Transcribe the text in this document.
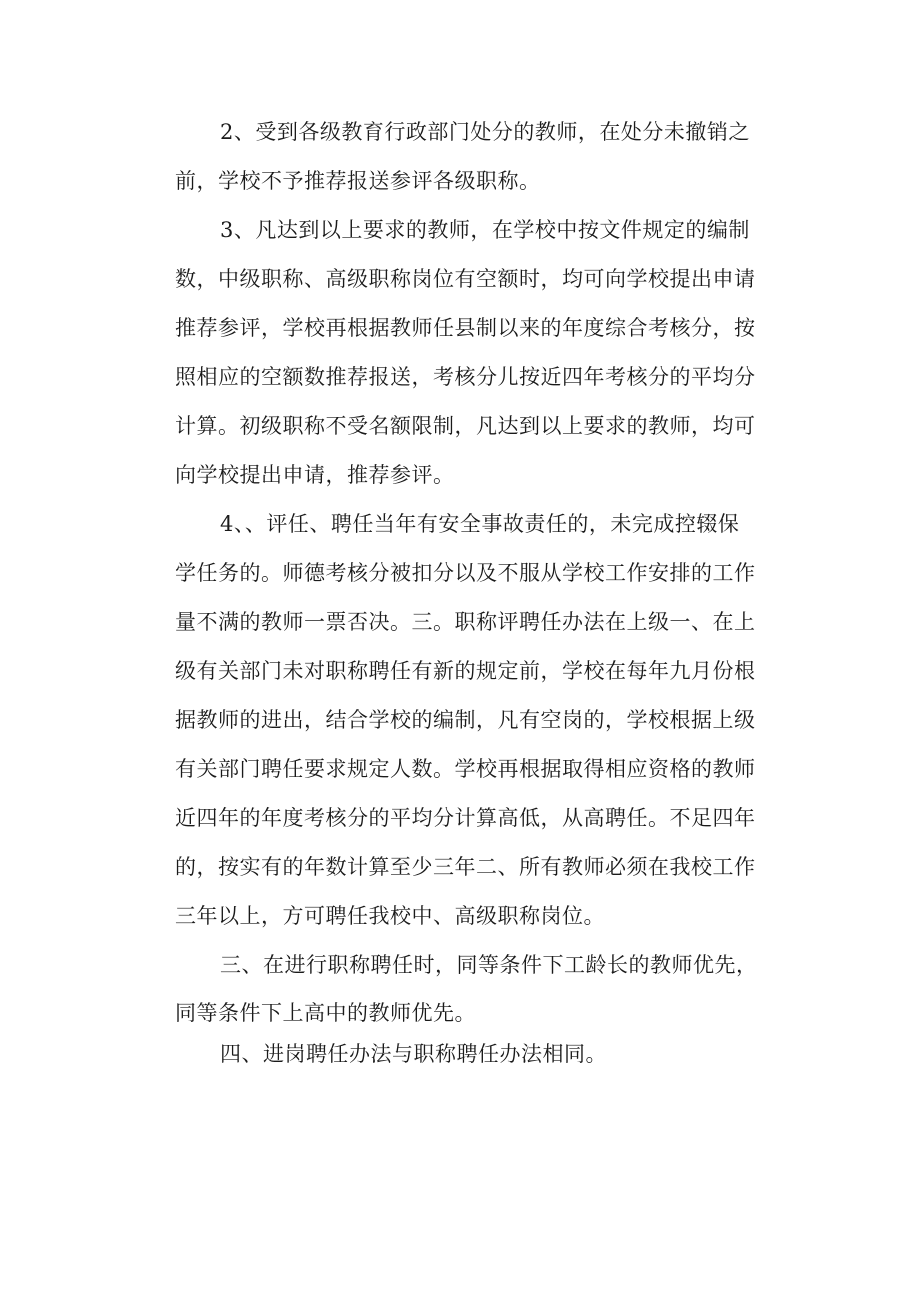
2、受到各级教育行政部门处分的教师，在处分未撤销之
前，学校不予推荐报送参评各级职称。
3、凡达到以上要求的教师，在学校中按文件规定的编制
数，中级职称、高级职称岗位有空额时，均可向学校提出申请
推荐参评，学校再根据教师任县制以来的年度综合考核分，按
照相应的空额数推荐报送，考核分儿按近四年考核分的平均分
计算。初级职称不受名额限制，凡达到以上要求的教师，均可
向学校提出申请，推荐参评。
4、、评任、聘任当年有安全事故责任的，未完成控辍保
学任务的。师德考核分被扣分以及不服从学校工作安排的工作
量不满的教师一票否决。三。职称评聘任办法在上级一、在上
级有关部门未对职称聘任有新的规定前，学校在每年九月份根
据教师的进出，结合学校的编制，凡有空岗的，学校根据上级
有关部门聘任要求规定人数。学校再根据取得相应资格的教师
近四年的年度考核分的平均分计算高低，从高聘任。不足四年
的，按实有的年数计算至少三年二、所有教师必须在我校工作
三年以上，方可聘任我校中、高级职称岗位。
三、在进行职称聘任时，同等条件下工龄长的教师优先，
同等条件下上高中的教师优先。
四、进岗聘任办法与职称聘任办法相同。
